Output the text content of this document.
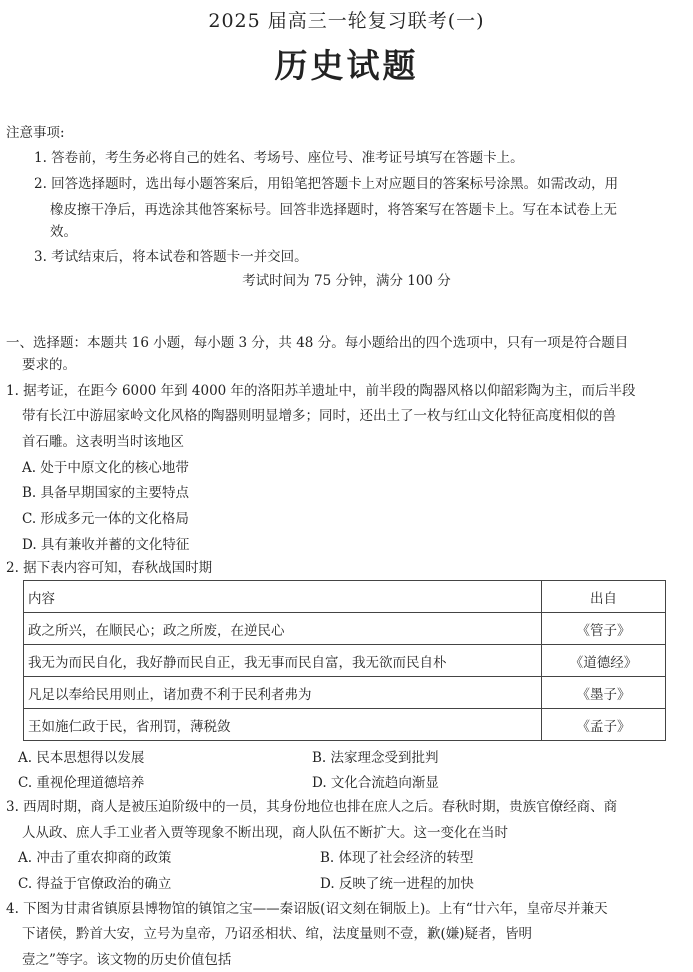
2025 届高三一轮复习联考(一)
历史试题
注意事项:
1. 答卷前，考生务必将自己的姓名、考场号、座位号、准考证号填写在答题卡上。
2. 回答选择题时，选出每小题答案后，用铅笔把答题卡上对应题目的答案标号涂黑。如需改动，用
橡皮擦干净后，再选涂其他答案标号。回答非选择题时，将答案写在答题卡上。写在本试卷上无
效。
3. 考试结束后，将本试卷和答题卡一并交回。
考试时间为 75 分钟，满分 100 分
一、选择题：本题共 16 小题，每小题 3 分，共 48 分。每小题给出的四个选项中，只有一项是符合题目
要求的。
1. 据考证，在距今 6000 年到 4000 年的洛阳苏羊遗址中，前半段的陶器风格以仰韶彩陶为主，而后半段
带有长江中游屈家岭文化风格的陶器则明显增多；同时，还出土了一枚与红山文化特征高度相似的兽
首石雕。这表明当时该地区
A. 处于中原文化的核心地带
B. 具备早期国家的主要特点
C. 形成多元一体的文化格局
D. 具有兼收并蓄的文化特征
2. 据下表内容可知，春秋战国时期
内容	出自
政之所兴，在顺民心；政之所废，在逆民心	《管子》
我无为而民自化，我好静而民自正，我无事而民自富，我无欲而民自朴	《道德经》
凡足以奉给民用则止，诸加费不利于民利者弗为	《墨子》
王如施仁政于民，省刑罚，薄税敛	《孟子》
A. 民本思想得以发展	B. 法家理念受到批判
C. 重视伦理道德培养	D. 文化合流趋向渐显
3. 西周时期，商人是被压迫阶级中的一员，其身份地位也排在庶人之后。春秋时期，贵族官僚经商、商
人从政、庶人手工业者入贾等现象不断出现，商人队伍不断扩大。这一变化在当时
A. 冲击了重农抑商的政策	B. 体现了社会经济的转型
C. 得益于官僚政治的确立	D. 反映了统一进程的加快
4. 下图为甘肃省镇原县博物馆的镇馆之宝——秦诏版(诏文刻在铜版上)。上有“廿六年，皇帝尽并兼天
下诸侯，黔首大安，立号为皇帝，乃诏丞相状、绾，法度量则不壹，歉(嫌)疑者，皆明
壹之”等字。该文物的历史价值包括
